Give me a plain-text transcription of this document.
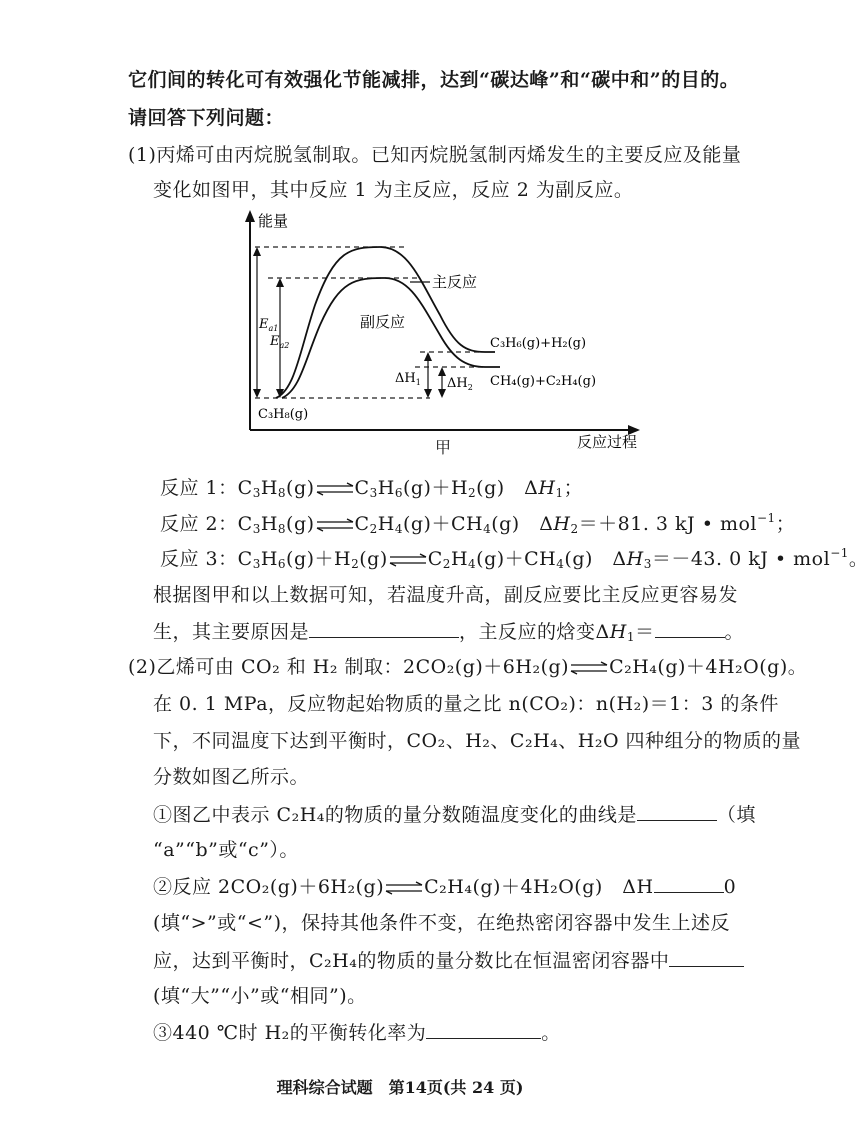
它们间的转化可有效强化节能减排，达到“碳达峰”和“碳中和”的目的。
请回答下列问题：
(1)丙烯可由丙烷脱氢制取。已知丙烷脱氢制丙烯发生的主要反应及能量
变化如图甲，其中反应 1 为主反应，反应 2 为副反应。
能量
$E_{a1}$
$E_{a2}$
$\Delta H_1$ $\Delta H_2$
主反应
副反应
C₃H₆(g)+H₂(g)
CH₄(g)+C₂H₄(g)
C₃H₈(g)
反应过程
甲
反应 1：$C_3H_8(g)\rightleftharpoons C_3H_6(g)+H_2(g)$　$\Delta H_1$；
反应 2：$C_3H_8(g)\rightleftharpoons C_2H_4(g)+CH_4(g)$　$\Delta H_2=+81$. 3 kJ • mol$^{-1}$；
反应 3：$C_3H_6(g)+H_2(g)\rightleftharpoons C_2H_4(g)+CH_4(g)$　$\Delta H_3=-43$. 0 kJ • mol$^{-1}$。
根据图甲和以上数据可知，若温度升高，副反应要比主反应更容易发
生，其主要原因是	，主反应的焓变$\Delta H_1=$	。
(2)乙烯可由 CO₂ 和 H₂ 制取：2CO₂(g)＋6H₂(g)⇌C₂H₄(g)＋4H₂O(g)。
在 0. 1 MPa，反应物起始物质的量之比 n(CO₂)：n(H₂)＝1：3 的条件
下，不同温度下达到平衡时，CO₂、H₂、C₂H₄、H₂O 四种组分的物质的量
分数如图乙所示。
①图乙中表示 C₂H₄的物质的量分数随温度变化的曲线是	（填
“a”“b”或“c”）。
②反应 2CO₂(g)＋6H₂(g)⇌C₂H₄(g)＋4H₂O(g)　ΔH	0
(填“>”或“<”)，保持其他条件不变，在绝热密闭容器中发生上述反
应，达到平衡时，C₂H₄的物质的量分数比在恒温密闭容器中
(填“大”“小”或“相同”)。
③440 ℃时 H₂的平衡转化率为	。
理科综合试题　第14页(共 24 页)
